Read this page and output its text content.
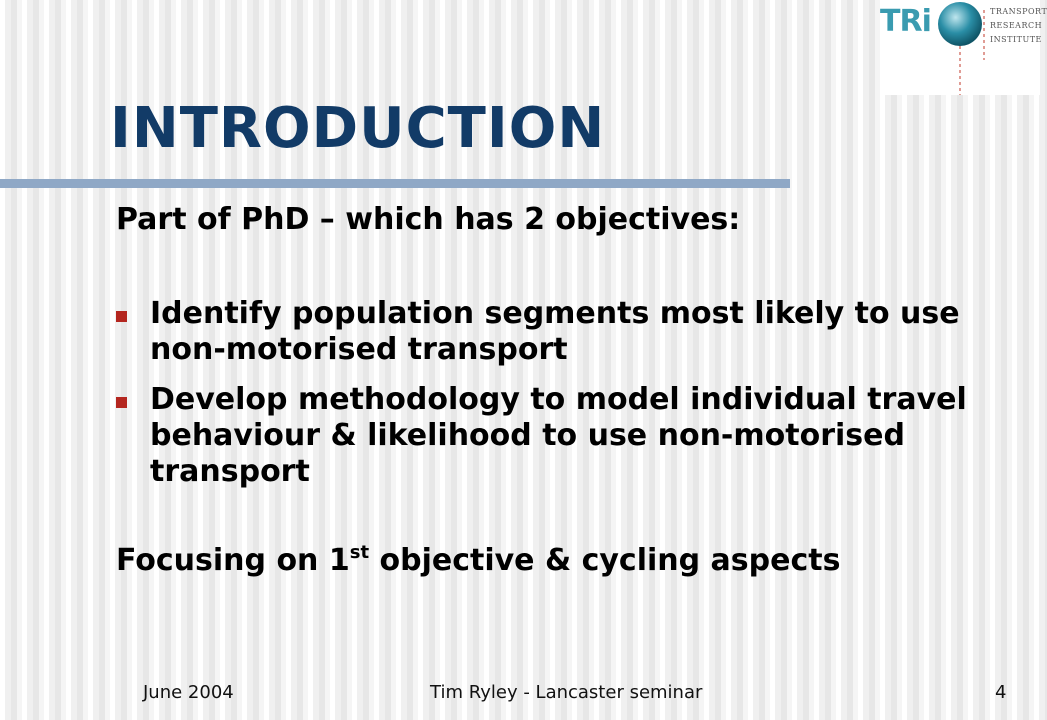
TRi	TRANSPORT
RESEARCH
INSTITUTE
INTRODUCTION

Part of PhD – which has 2 objectives:

Identify population segments most likely to use non-motorised transport
Develop methodology to model individual travel behaviour & likelihood to use non-motorised transport

Focusing on 1st objective & cycling aspects

June 2004	Tim Ryley - Lancaster seminar	4
